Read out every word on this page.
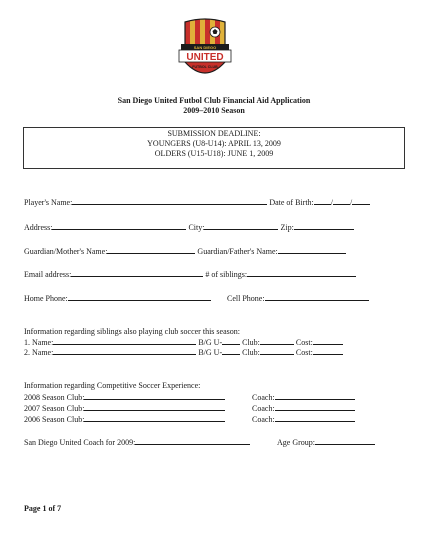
SAN DIEGO
UNITED
FUTBOL CLUB
San Diego United Futbol Club Financial Aid Application
2009–2010 Season
SUBMISSION DEADLINE:
YOUNGERS (U8-U14): APRIL 13, 2009
OLDERS (U15-U18): JUNE 1, 2009
Player's Name:	Date of Birth: / /
Address:	City:	Zip:
Guardian/Mother's Name:	Guardian/Father's Name:
Email address:	# of siblings:
Home Phone:	Cell Phone:
Information regarding siblings also playing club soccer this season:
1. Name:	B/G U-	Club:	Cost:
2. Name:	B/G U-	Club:	Cost:
Information regarding Competitive Soccer Experience:
2008 Season Club:	Coach:
2007 Season Club:	Coach:
2006 Season Club:	Coach:
San Diego United Coach for 2009:	Age Group:
Page 1 of 7
